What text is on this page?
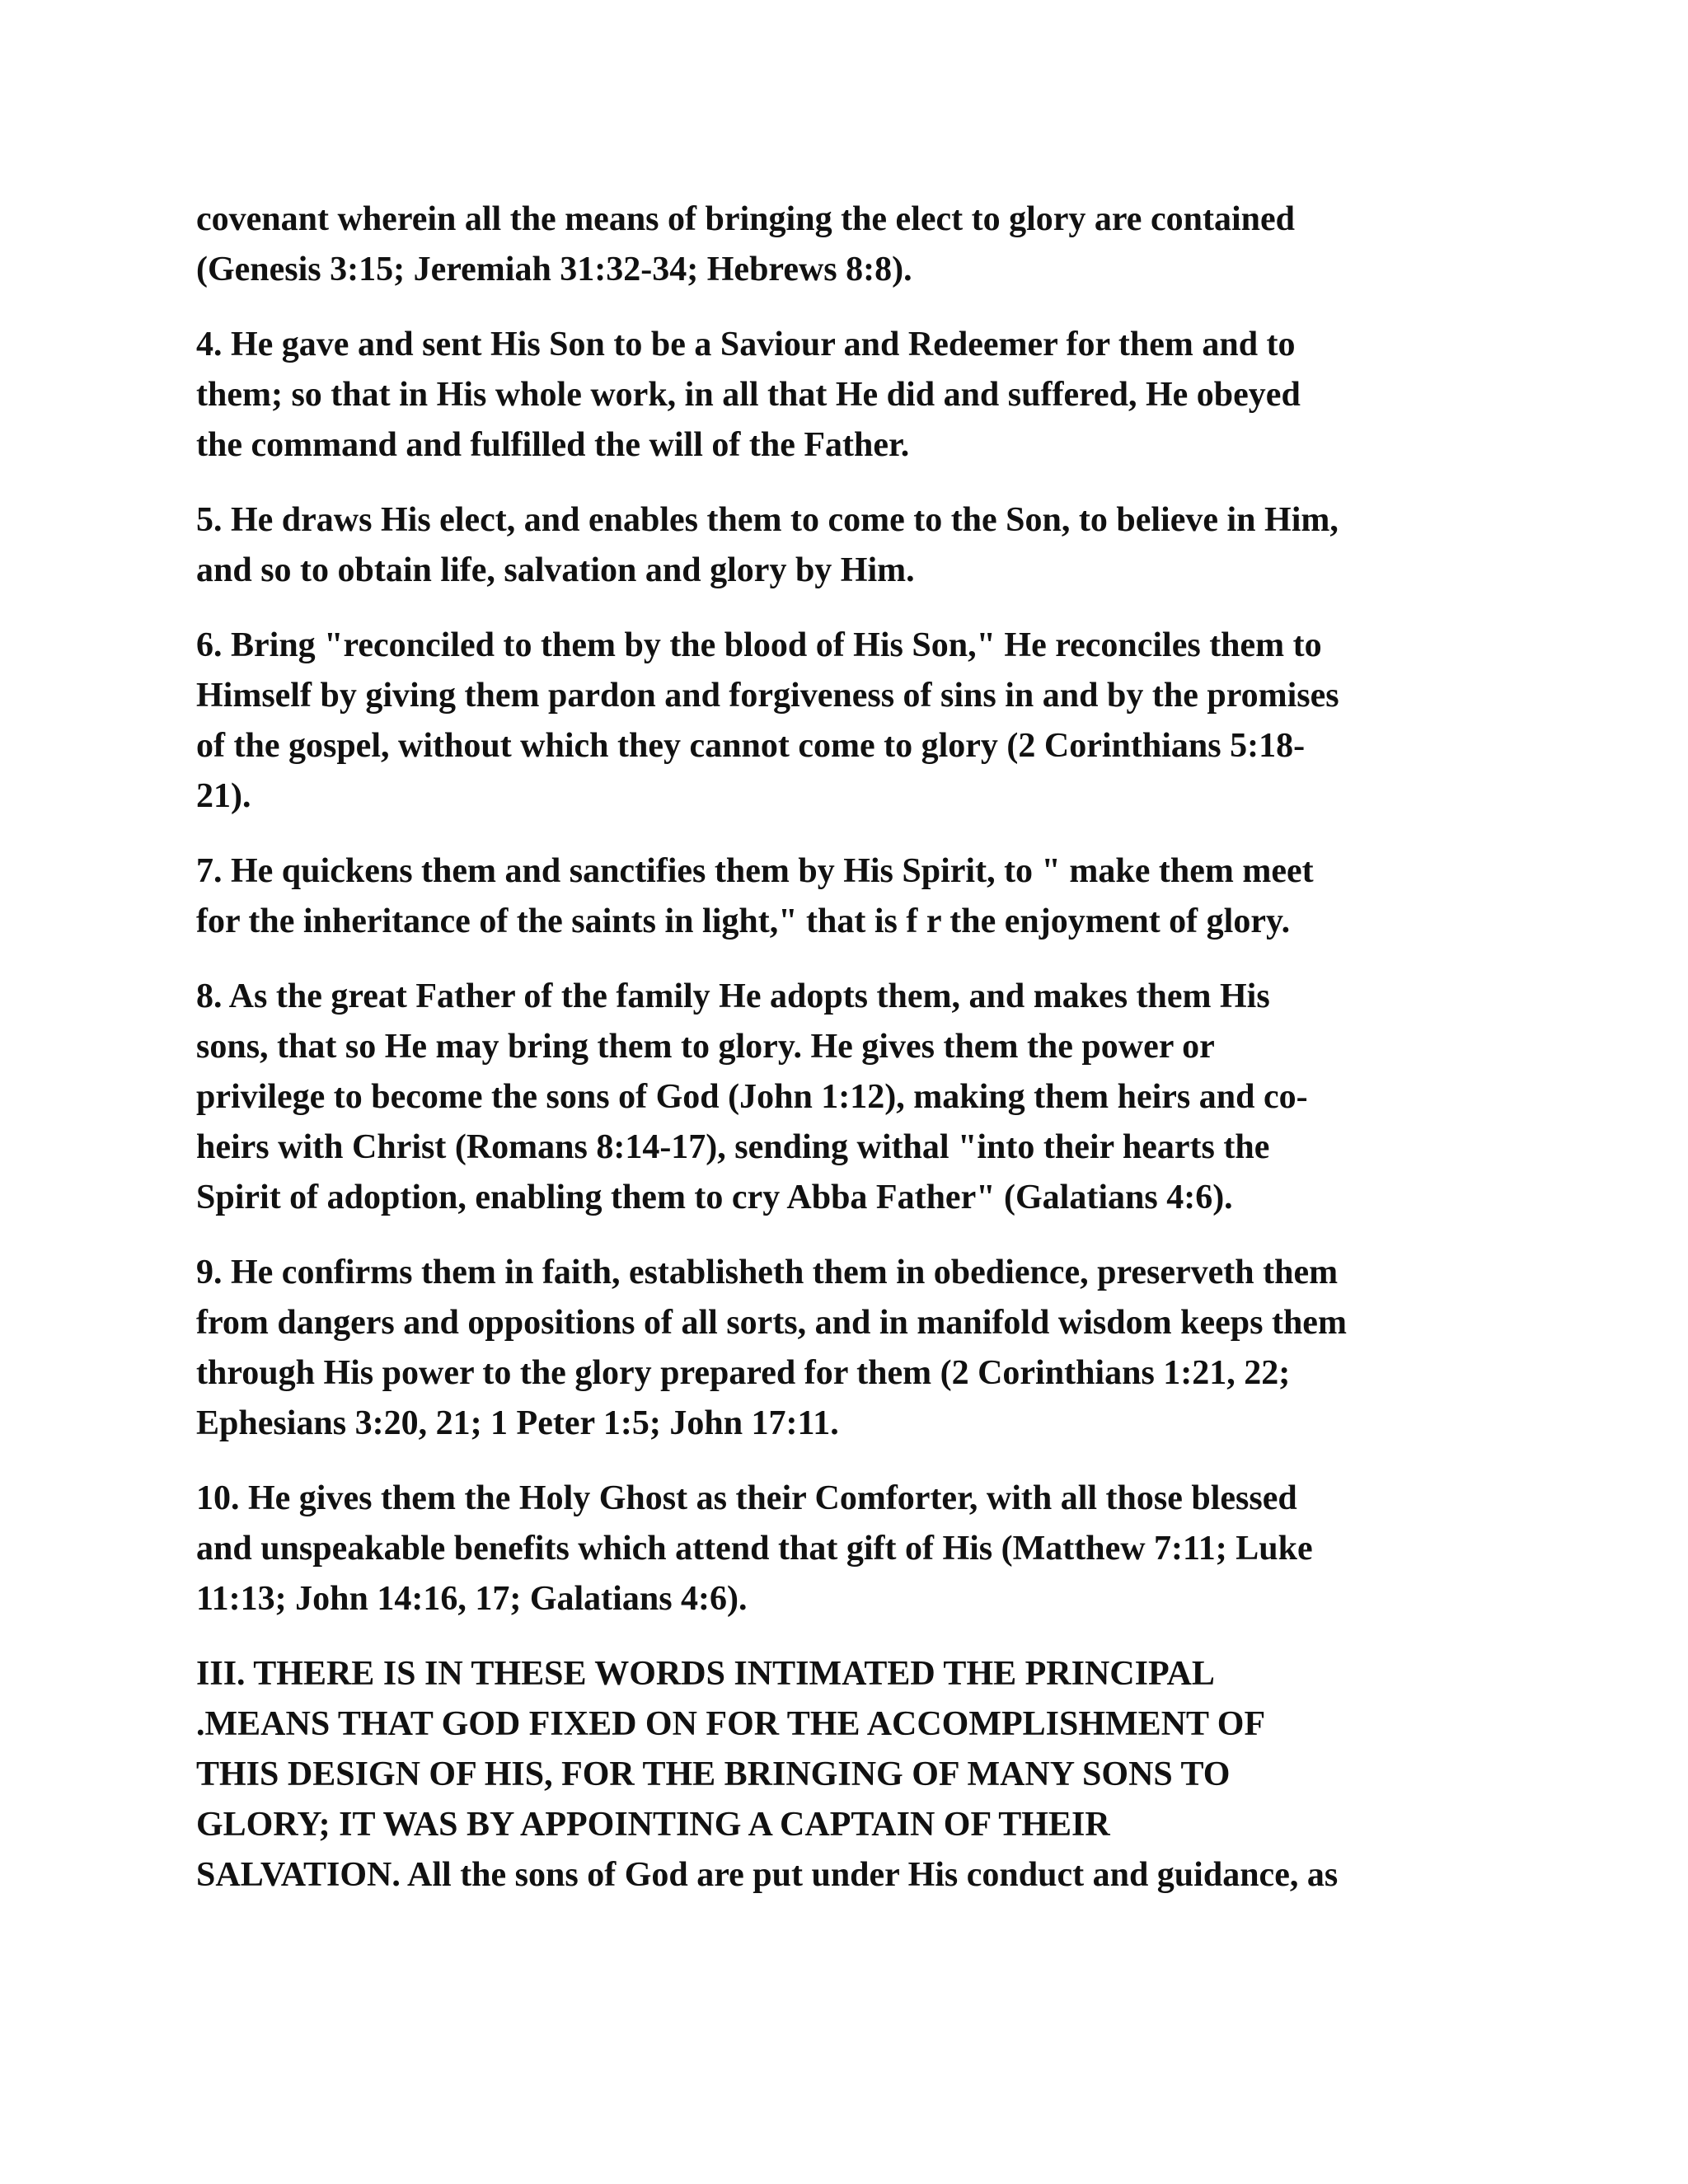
covenant wherein all the means of bringing the elect to glory are contained
(Genesis 3:15; Jeremiah 31:32-34; Hebrews 8:8).

4. He gave and sent His Son to be a Saviour and Redeemer for them and to
them; so that in His whole work, in all that He did and suffered, He obeyed
the command and fulfilled the will of the Father.

5. He draws His elect, and enables them to come to the Son, to believe in Him,
and so to obtain life, salvation and glory by Him.

6. Bring "reconciled to them by the blood of His Son," He reconciles them to
Himself by giving them pardon and forgiveness of sins in and by the promises
of the gospel, without which they cannot come to glory (2 Corinthians 5:18-
21).

7. He quickens them and sanctifies them by His Spirit, to " make them meet
for the inheritance of the saints in light," that is f r the enjoyment of glory.

8. As the great Father of the family He adopts them, and makes them His
sons, that so He may bring them to glory. He gives them the power or
privilege to become the sons of God (John 1:12), making them heirs and co-
heirs with Christ (Romans 8:14-17), sending withal "into their hearts the
Spirit of adoption, enabling them to cry Abba Father" (Galatians 4:6).

9. He confirms them in faith, establisheth them in obedience, preserveth them
from dangers and oppositions of all sorts, and in manifold wisdom keeps them
through His power to the glory prepared for them (2 Corinthians 1:21, 22;
Ephesians 3:20, 21; 1 Peter 1:5; John 17:11.

10. He gives them the Holy Ghost as their Comforter, with all those blessed
and unspeakable benefits which attend that gift of His (Matthew 7:11; Luke
11:13; John 14:16, 17; Galatians 4:6).

III. THERE IS IN THESE WORDS INTIMATED THE PRINCIPAL
.MEANS THAT GOD FIXED ON FOR THE ACCOMPLISHMENT OF
THIS DESIGN OF HIS, FOR THE BRINGING OF MANY SONS TO
GLORY; IT WAS BY APPOINTING A CAPTAIN OF THEIR
SALVATION. All the sons of God are put under His conduct and guidance, as
